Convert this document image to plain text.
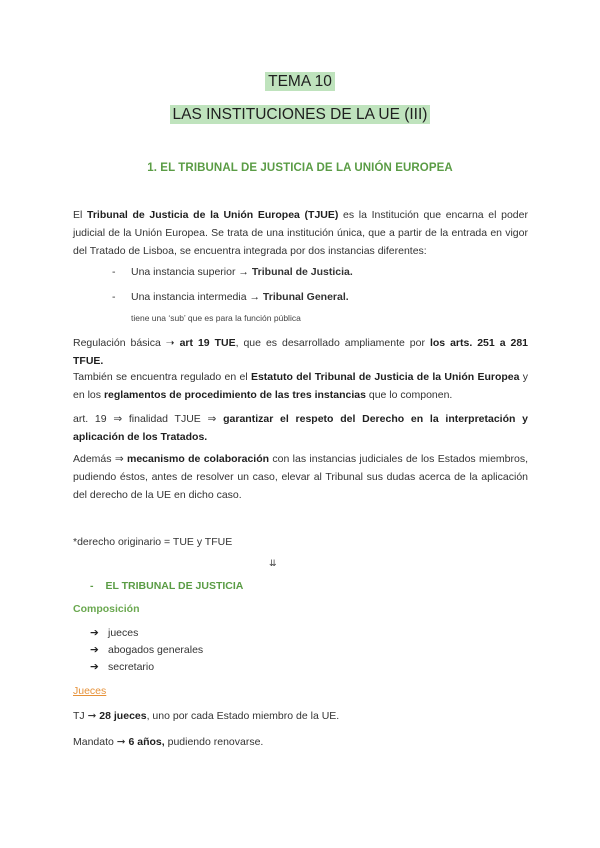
TEMA 10
LAS INSTITUCIONES DE LA UE (III)
1. EL TRIBUNAL DE JUSTICIA DE LA UNIÓN EUROPEA
El Tribunal de Justicia de la Unión Europea (TJUE) es la Institución que encarna el poder judicial de la Unión Europea. Se trata de una institución única, que a partir de la entrada en vigor del Tratado de Lisboa, se encuentra integrada por dos instancias diferentes:
- Una instancia superior → Tribunal de Justicia.
- Una instancia intermedia → Tribunal General.
tiene una ‘sub’ que es para la función pública
Regulación básica ➝ art 19 TUE, que es desarrollado ampliamente por los arts. 251 a 281 TFUE.
También se encuentra regulado en el Estatuto del Tribunal de Justicia de la Unión Europea y en los reglamentos de procedimiento de las tres instancias que lo componen.
art. 19 ⇒ finalidad TJUE ⇒ garantizar el respeto del Derecho en la interpretación y aplicación de los Tratados.
Además ⇒ mecanismo de colaboración con las instancias judiciales de los Estados miembros, pudiendo éstos, antes de resolver un caso, elevar al Tribunal sus dudas acerca de la aplicación del derecho de la UE en dicho caso.
*derecho originario = TUE y TFUE
⇊
- EL TRIBUNAL DE JUSTICIA
Composición
➔ jueces
➔ abogados generales
➔ secretario
Jueces
TJ ➞ 28 jueces, uno por cada Estado miembro de la UE.
Mandato ➞ 6 años, pudiendo renovarse.
